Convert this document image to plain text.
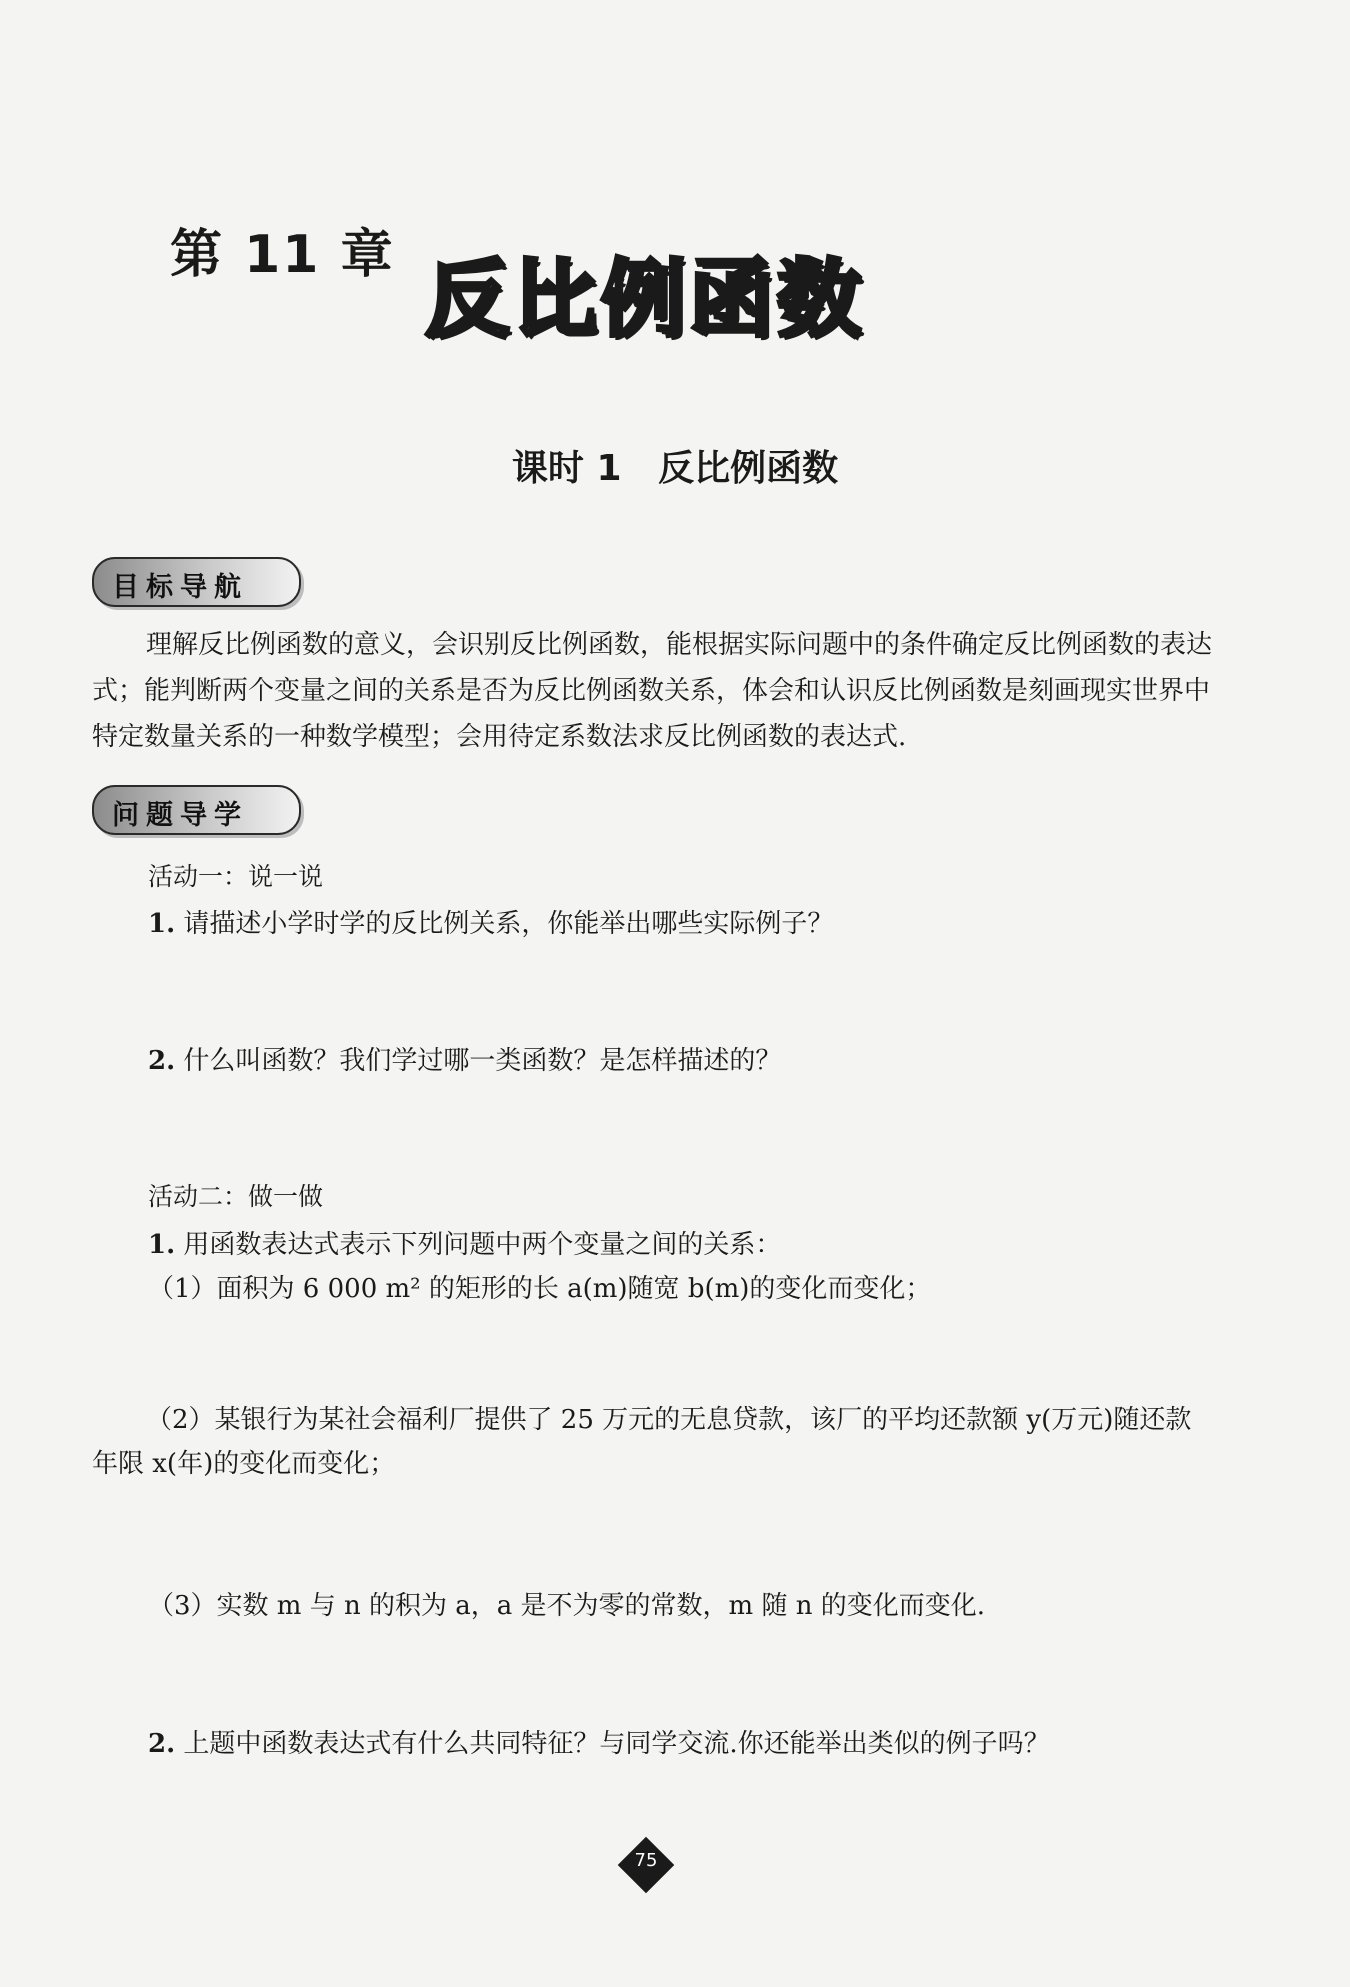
第 11 章 反比例函数
课时 1 反比例函数
目标导航
理解反比例函数的意义，会识别反比例函数，能根据实际问题中的条件确定反比例函数的表达式；能判断两个变量之间的关系是否为反比例函数关系，体会和认识反比例函数是刻画现实世界中特定数量关系的一种数学模型；会用待定系数法求反比例函数的表达式.
问题导学
活动一：说一说
1. 请描述小学时学的反比例关系，你能举出哪些实际例子？
2. 什么叫函数？我们学过哪一类函数？是怎样描述的？
活动二：做一做
1. 用函数表达式表示下列问题中两个变量之间的关系：
（1）面积为 6 000 m² 的矩形的长 a(m)随宽 b(m)的变化而变化；
（2）某银行为某社会福利厂提供了 25 万元的无息贷款，该厂的平均还款额 y(万元)随还款年限 x(年)的变化而变化；
（3）实数 m 与 n 的积为 a，a 是不为零的常数，m 随 n 的变化而变化.
2. 上题中函数表达式有什么共同特征？与同学交流.你还能举出类似的例子吗？
75
